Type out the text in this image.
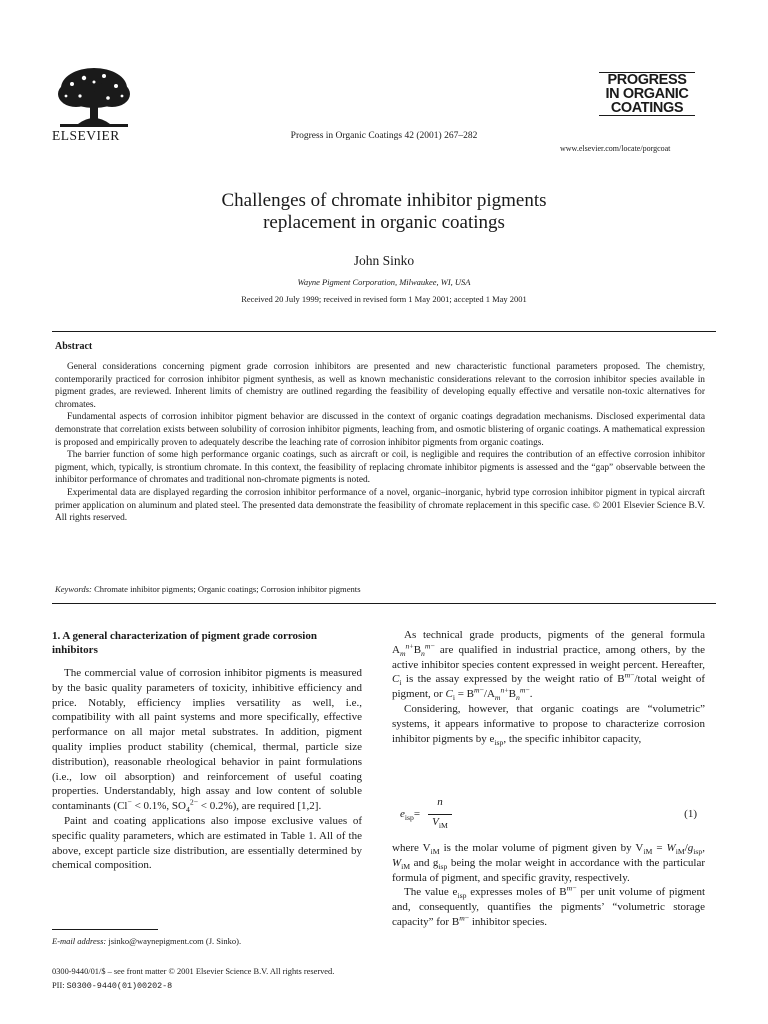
ELSEVIER	Progress in Organic Coatings 42 (2001) 267–282
PROGRESS
IN ORGANIC
COATINGS
www.elsevier.com/locate/porgcoat
Challenges of chromate inhibitor pigments
replacement in organic coatings
John Sinko
Wayne Pigment Corporation, Milwaukee, WI, USA
Received 20 July 1999; received in revised form 1 May 2001; accepted 1 May 2001
Abstract

General considerations concerning pigment grade corrosion inhibitors are presented and new characteristic functional parameters proposed. The chemistry, contemporarily practiced for corrosion inhibitor pigment synthesis, as well as known mechanistic considerations relevant to the corrosion inhibitor species available in pigment grades, are reviewed. Inherent limits of chemistry are outlined regarding the feasibility of developing equally effective and versatile non-toxic alternatives for chromates.

Fundamental aspects of corrosion inhibitor pigment behavior are discussed in the context of organic coatings degradation mechanisms. Disclosed experimental data demonstrate that correlation exists between solubility of corrosion inhibitor pigments, leaching from, and osmotic blistering of organic coatings. A mathematical expression is proposed and empirically proven to adequately describe the leaching rate of corrosion inhibitor pigments from organic coatings.

The barrier function of some high performance organic coatings, such as aircraft or coil, is negligible and requires the contribution of an effective corrosion inhibitor pigment, which, typically, is strontium chromate. In this context, the feasibility of replacing chromate inhibitor pigments is assessed and the “gap” observable between the inhibitor performance of chromates and traditional non-chromate pigments is noted.

Experimental data are displayed regarding the corrosion inhibitor performance of a novel, organic–inorganic, hybrid type corrosion inhibitor pigment in typical aircraft primer application on aluminum and plated steel. The presented data demonstrate the feasibility of chromate replacement in this specific case. © 2001 Elsevier Science B.V. All rights reserved.

Keywords: Chromate inhibitor pigments; Organic coatings; Corrosion inhibitor pigments
1. A general characterization of pigment grade corrosion inhibitors

The commercial value of corrosion inhibitor pigments is measured by the basic quality parameters of toxicity, inhibitive efficiency and price. Notably, efficiency implies versatility as well, i.e., compatibility with all paint systems and more specifically, effective performance on all major metal substrates. In addition, pigment quality implies product stability (chemical, thermal, particle size distribution), reasonable rheological behavior in paint formulations (i.e., low oil absorption) and reinforcement of useful coating properties. Understandably, high assay and low content of soluble contaminants (Cl− < 0.1%, $SO_4^{2-} < 0.2\%$), are required [1,2].

Paint and coating applications also impose exclusive values of specific quality parameters, which are estimated in Table 1. All of the above, except particle size distribution, are essentially determined by chemical composition.

As technical grade products, pigments of the general formula $A_m^{n+}B_n^{m-}$ are qualified in industrial practice, among others, by the active inhibitor species content expressed in weight percent. Hereafter, $C_i$ is the assay expressed by the weight ratio of $B^{m-}$/total weight of pigment, or $C_i = B^{m-}/A_m^{n+}B_n^{m-}$.

Considering, however, that organic coatings are “volumetric” systems, it appears informative to propose to characterize corrosion inhibitor pigments by $e_{isp}$, the specific inhibitor capacity,

$e_{isp}=$
n
$V_{iM}$
(1)

where $V_{iM}$ is the molar volume of pigment given by $V_{iM} = W_{iM}/g_{isp}$, $W_{iM}$ and $g_{isp}$ being the molar weight in accordance with the particular formula of pigment, and specific gravity, respectively.

The value $e_{isp}$ expresses moles of $B^{m-}$ per unit volume of pigment and, consequently, quantifies the pigments’ “volumetric storage capacity” for $B^{m-}$ inhibitor species.

E-mail address: jsinko@waynepigment.com (J. Sinko).
0300-9440/01/$ – see front matter © 2001 Elsevier Science B.V. All rights reserved.
PII: S0300-9440(01)00202-8
